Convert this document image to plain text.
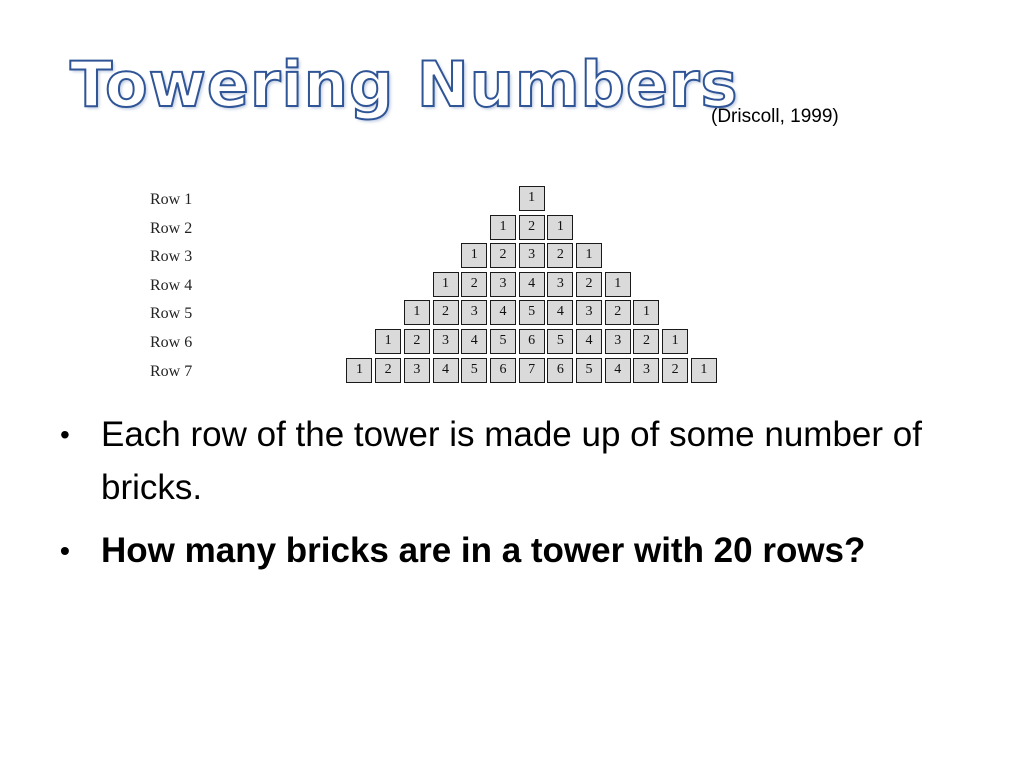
Towering Numbers
(Driscoll, 1999)
Row 1	1
Row 2	1	2	1
Row 3	1	2	3	2	1
Row 4	1	2	3	4	3	2	1
Row 5	1	2	3	4	5	4	3	2	1
Row 6	1	2	3	4	5	6	5	4	3	2	1
Row 7	1	2	3	4	5	6	7	6	5	4	3	2	1
• Each row of the tower is made up of some number of bricks.
• How many bricks are in a tower with 20 rows?
